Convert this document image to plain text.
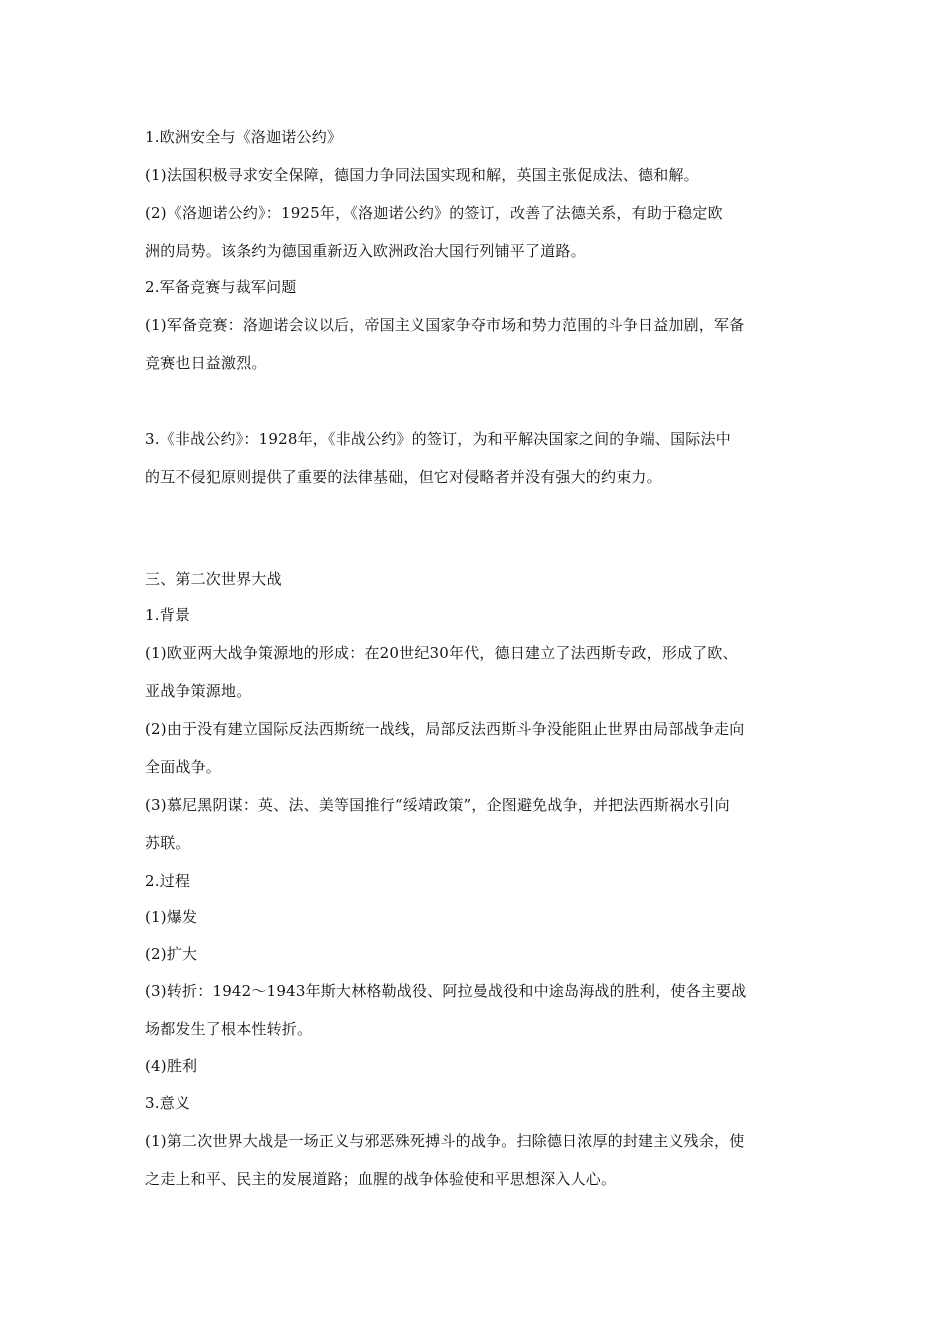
1.欧洲安全与《洛迦诺公约》
(1)法国积极寻求安全保障，德国力争同法国实现和解，英国主张促成法、德和解。
(2)《洛迦诺公约》：1925年，《洛迦诺公约》的签订，改善了法德关系，有助于稳定欧
洲的局势。该条约为德国重新迈入欧洲政治大国行列铺平了道路。
2.军备竞赛与裁军问题
(1)军备竞赛：洛迦诺会议以后，帝国主义国家争夺市场和势力范围的斗争日益加剧，军备
竞赛也日益激烈。
3.《非战公约》：1928年，《非战公约》的签订，为和平解决国家之间的争端、国际法中
的互不侵犯原则提供了重要的法律基础，但它对侵略者并没有强大的约束力。
三、第二次世界大战
1.背景
(1)欧亚两大战争策源地的形成：在20世纪30年代，德日建立了法西斯专政，形成了欧、
亚战争策源地。
(2)由于没有建立国际反法西斯统一战线，局部反法西斯斗争没能阻止世界由局部战争走向
全面战争。
(3)慕尼黑阴谋：英、法、美等国推行“绥靖政策”，企图避免战争，并把法西斯祸水引向
苏联。
2.过程
(1)爆发
(2)扩大
(3)转折：1942～1943年斯大林格勒战役、阿拉曼战役和中途岛海战的胜利，使各主要战
场都发生了根本性转折。
(4)胜利
3.意义
(1)第二次世界大战是一场正义与邪恶殊死搏斗的战争。扫除德日浓厚的封建主义残余，使
之走上和平、民主的发展道路；血腥的战争体验使和平思想深入人心。
